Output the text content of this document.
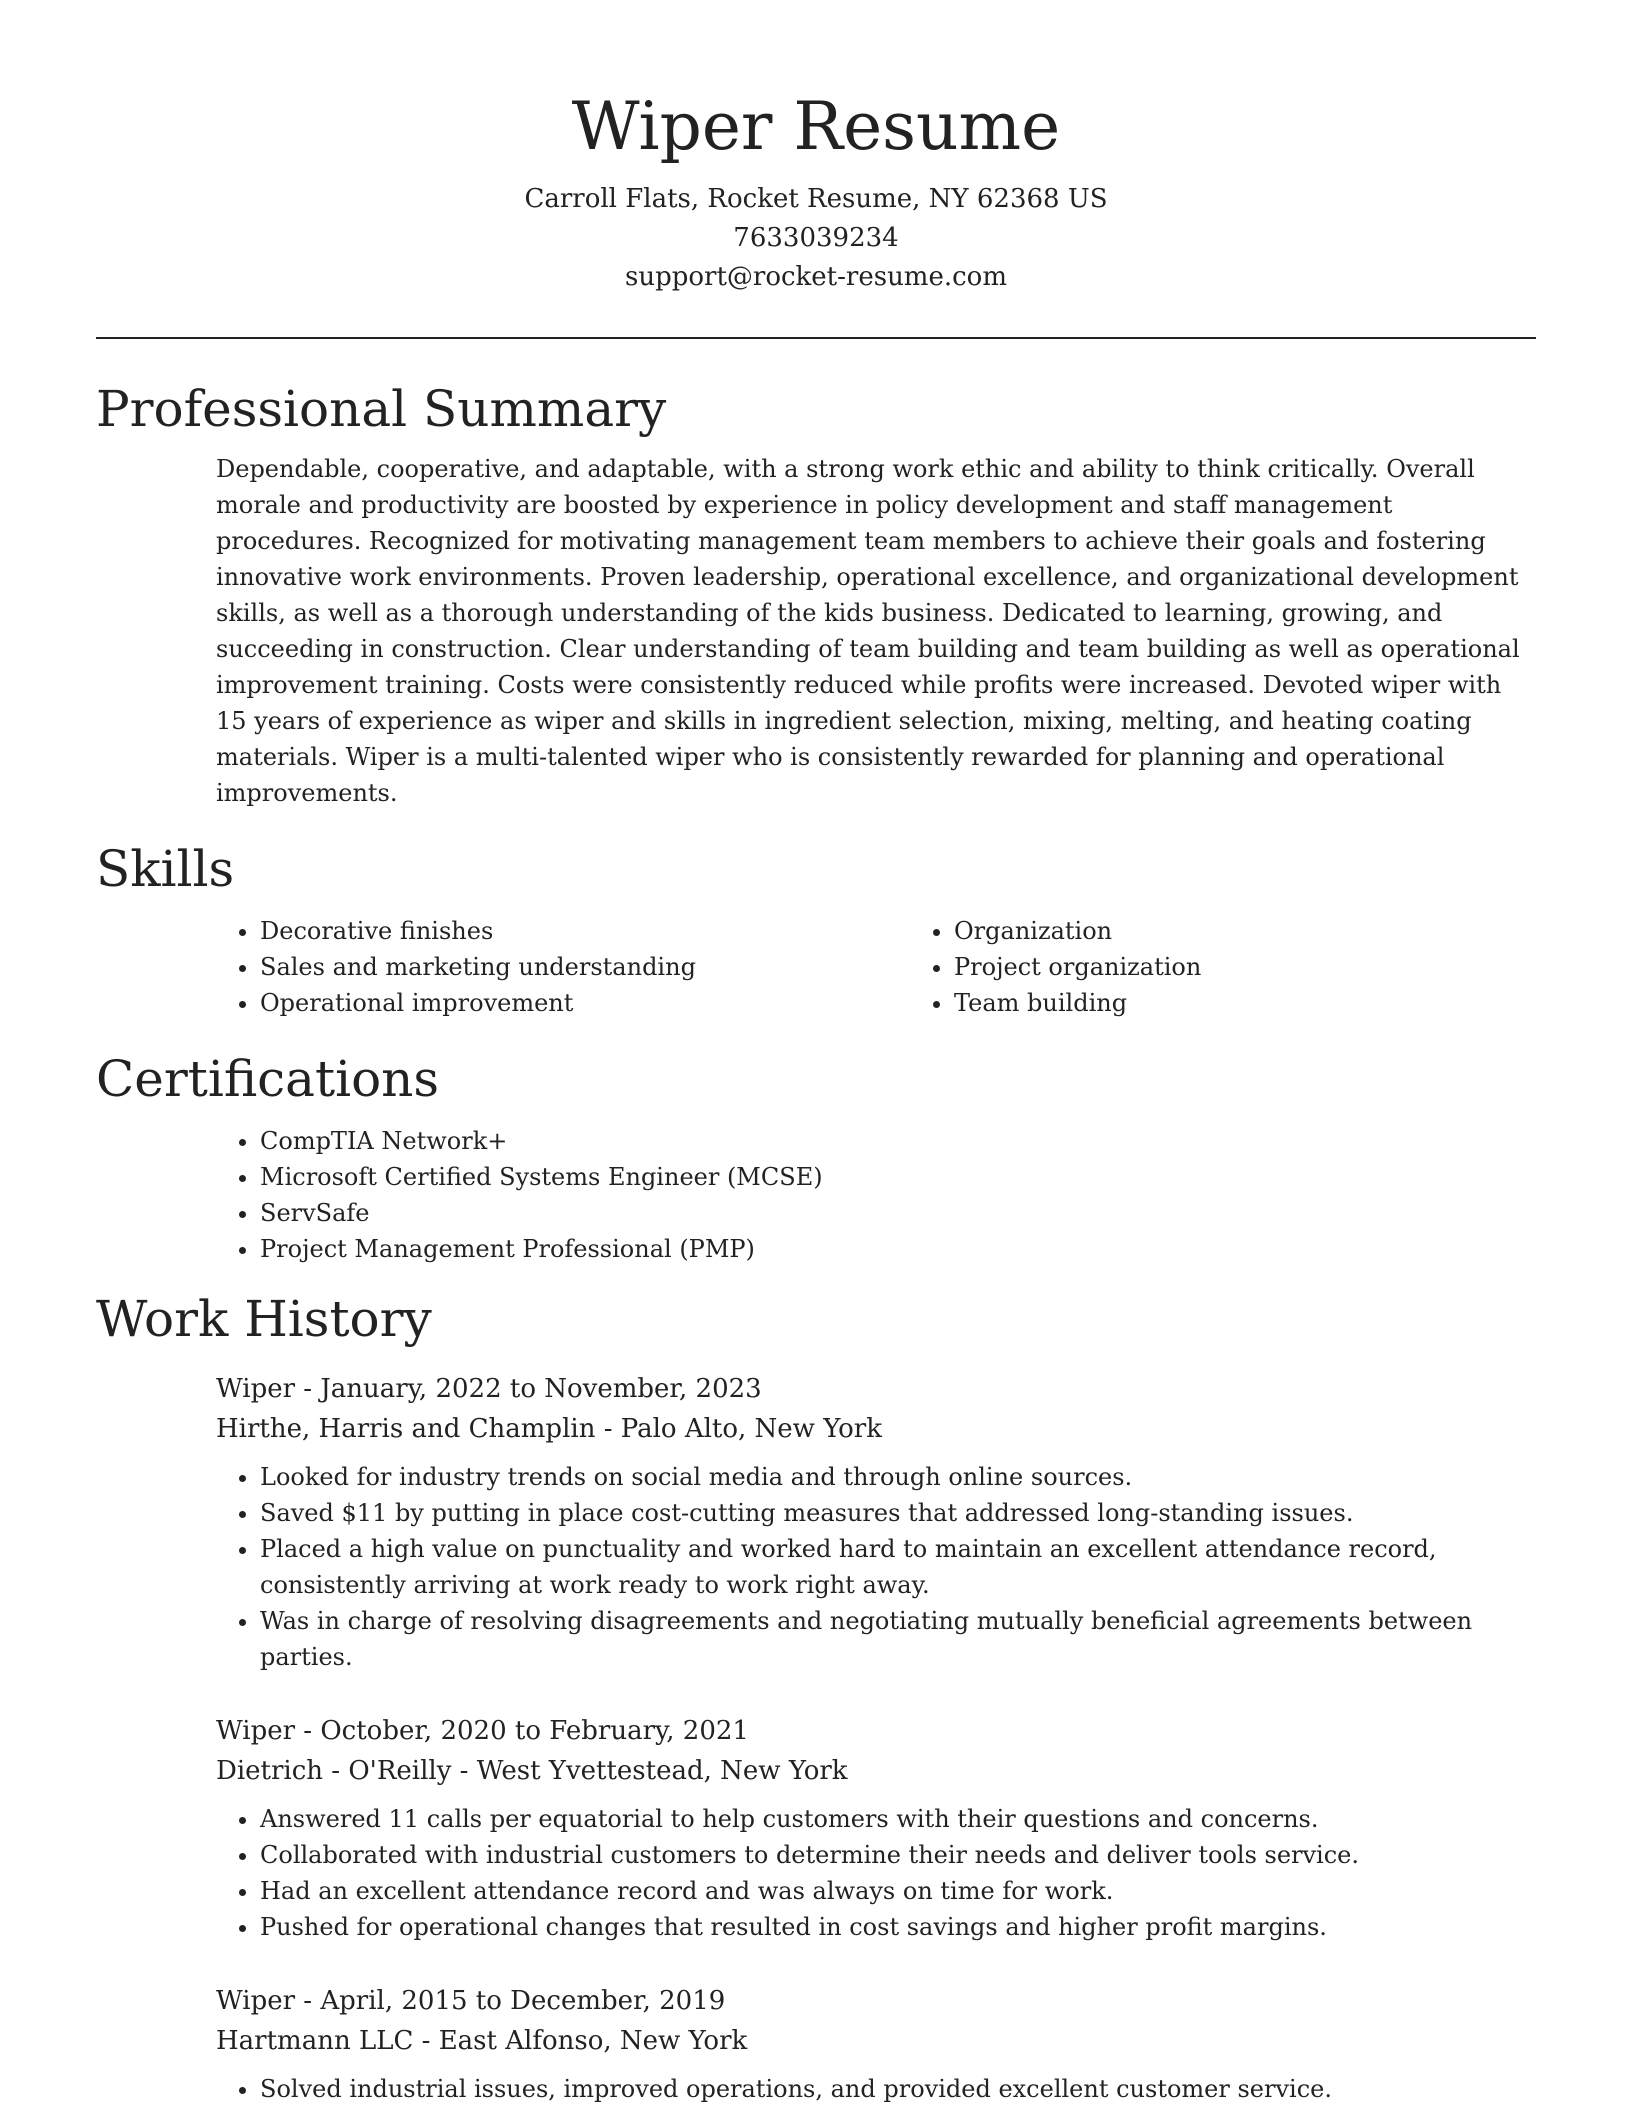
Wiper Resume
Carroll Flats, Rocket Resume, NY 62368 US
7633039234
support@rocket-resume.com
Professional Summary

Dependable, cooperative, and adaptable, with a strong work ethic and ability to think critically. Overall morale and productivity are boosted by experience in policy development and staff management procedures. Recognized for motivating management team members to achieve their goals and fostering innovative work environments. Proven leadership, operational excellence, and organizational development skills, as well as a thorough understanding of the kids business. Dedicated to learning, growing, and succeeding in construction. Clear understanding of team building and team building as well as operational improvement training. Costs were consistently reduced while profits were increased. Devoted wiper with 15 years of experience as wiper and skills in ingredient selection, mixing, melting, and heating coating materials. Wiper is a multi-talented wiper who is consistently rewarded for planning and operational improvements.

Skills
• Decorative finishes
• Sales and marketing understanding
• Operational improvement
• Organization
• Project organization
• Team building
Certifications
• CompTIA Network+
• Microsoft Certified Systems Engineer (MCSE)
• ServSafe
• Project Management Professional (PMP)
Work History
Wiper - January, 2022 to November, 2023
Hirthe, Harris and Champlin - Palo Alto, New York
• Looked for industry trends on social media and through online sources.
• Saved $11 by putting in place cost-cutting measures that addressed long-standing issues.
• Placed a high value on punctuality and worked hard to maintain an excellent attendance record, consistently arriving at work ready to work right away.
• Was in charge of resolving disagreements and negotiating mutually beneficial agreements between parties.
Wiper - October, 2020 to February, 2021
Dietrich - O'Reilly - West Yvettestead, New York
• Answered 11 calls per equatorial to help customers with their questions and concerns.
• Collaborated with industrial customers to determine their needs and deliver tools service.
• Had an excellent attendance record and was always on time for work.
• Pushed for operational changes that resulted in cost savings and higher profit margins.
Wiper - April, 2015 to December, 2019
Hartmann LLC - East Alfonso, New York
• Solved industrial issues, improved operations, and provided excellent customer service.
